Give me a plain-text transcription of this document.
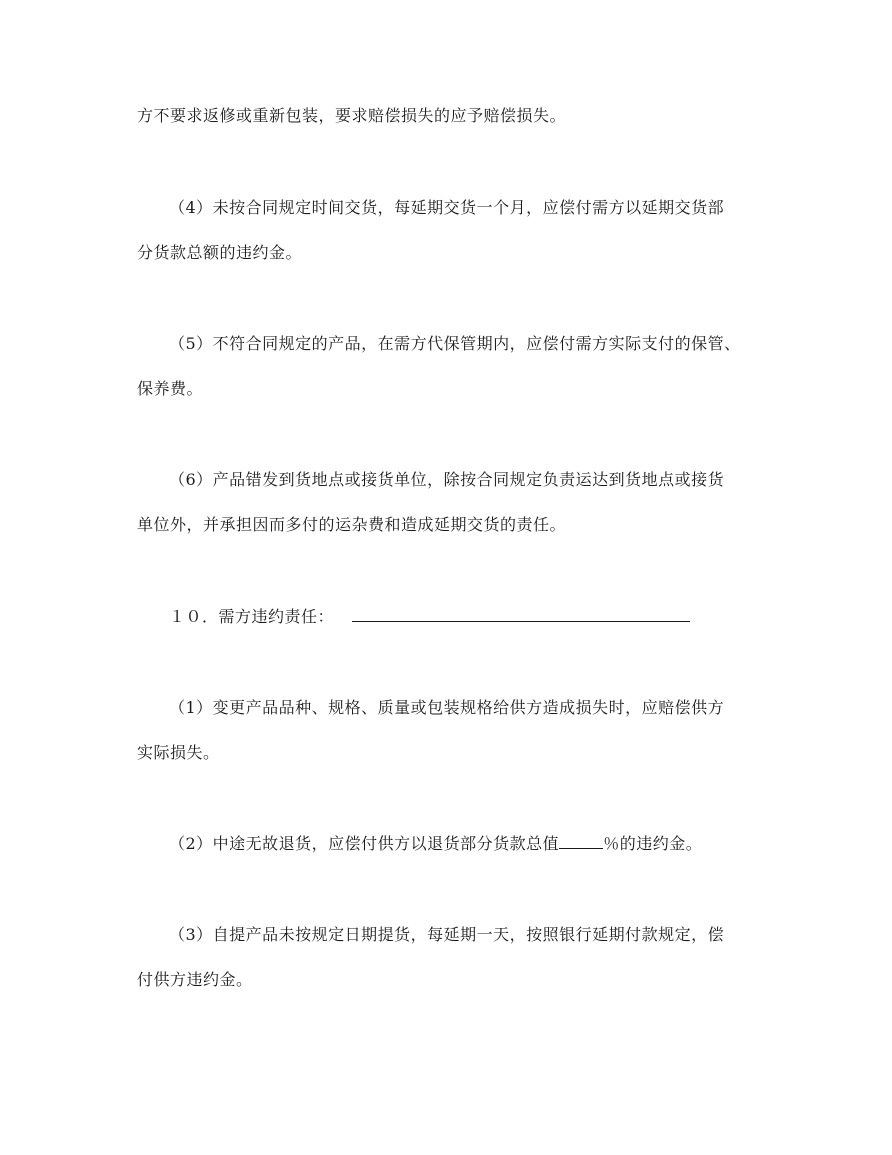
方不要求返修或重新包装，要求赔偿损失的应予赔偿损失。
（4）未按合同规定时间交货，每延期交货一个月，应偿付需方以延期交货部
分货款总额的违约金。
（5）不符合同规定的产品，在需方代保管期内，应偿付需方实际支付的保管、
保养费。
（6）产品错发到货地点或接货单位，除按合同规定负责运达到货地点或接货
单位外，并承担因而多付的运杂费和造成延期交货的责任。
１０．需方违约责任：
（1）变更产品品种、规格、质量或包装规格给供方造成损失时，应赔偿供方
实际损失。
（2）中途无故退货，应偿付供方以退货部分货款总值	％的违约金。
（3）自提产品未按规定日期提货，每延期一天，按照银行延期付款规定，偿
付供方违约金。
